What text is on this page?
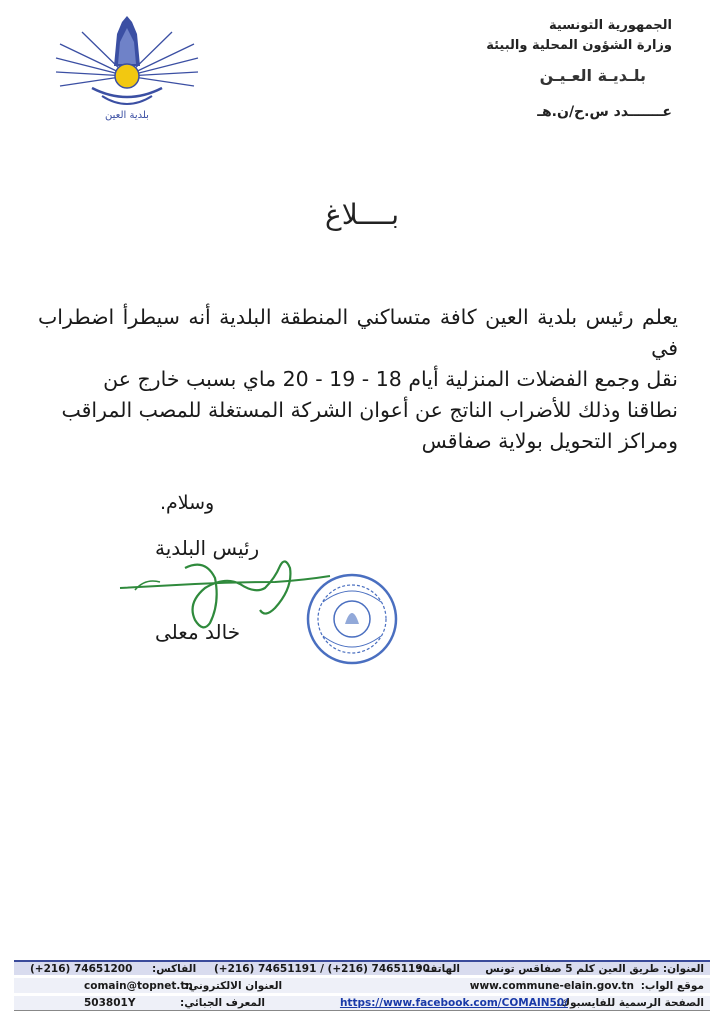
بلدية العين
الجمهورية التونسية
وزارة الشؤون المحلية والبيئة
بلـديـة العـيـن
عـــــــدد س.ح/ن.هـ
بــــلاغ

يعلم رئيس بلدية العين كافة متساكني المنطقة البلدية أنه سيطرأ اضطراب في

نقل وجمع الفضلات المنزلية أيام 18 - 19 - 20 ماي بسبب خارج عن

نطاقنا وذلك للأضراب الناتج عن أعوان الشركة المستغلة للمصب المراقب

ومراكز التحويل بولاية صفاقس

وسلام.
رئيس البلدية
خالد معلى
العنوان: طريق العين كلم 5 صفاقس تونس
الهاتف :
(+216) 74651191 / (+216) 74651190
الفاكس:
(+216) 74651200
موقع الواب:
www.commune-elain.gov.tn
العنوان الالكتروني:
comain@topnet.tn
الصفحة الرسمية للفايسبوك:
https://www.facebook.com/COMAIN50/
المعرف الجبائي:
503801Y
